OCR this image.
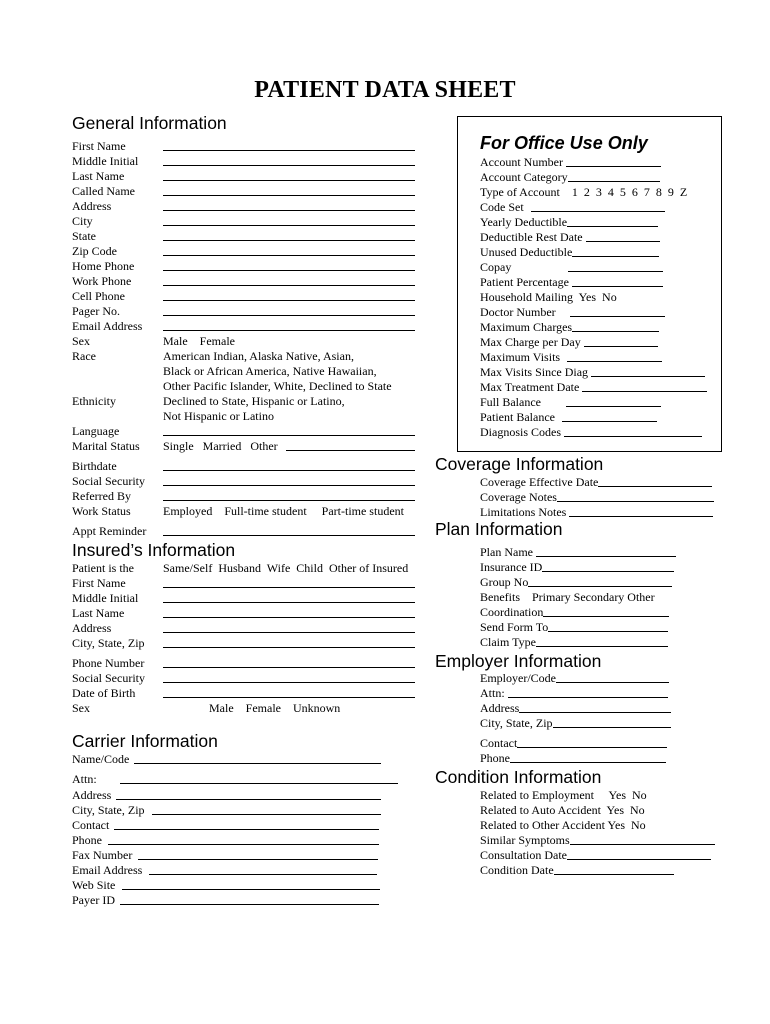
PATIENT DATA SHEET
General Information
First Name
Middle Initial
Last Name
Called Name
Address
City
State
Zip Code
Home Phone
Work Phone
Cell Phone
Pager No.
Email Address
Sex	Male    Female
Race	American Indian, Alaska Native, Asian,
Black or African America, Native Hawaiian,
Other Pacific Islander, White, Declined to State
Ethnicity	Declined to State, Hispanic or Latino,
Not Hispanic or Latino
Language
Marital Status Single   Married   Other
Birthdate
Social Security
Referred By
Work Status	Employed    Full-time student     Part-time student
Appt Reminder
Insured’s Information
Patient is the Same/Self  Husband  Wife  Child  Other of Insured
First Name
Middle Initial
Last Name
Address
City, State, Zip
Phone Number
Social Security
Date of Birth
Sex	Male    Female    Unknown
Carrier Information
Name/Code
Attn:
Address
City, State, Zip
Contact
Phone
Fax Number
Email Address
Web Site
Payer ID
For Office Use Only
Account Number
Account Category
Type of Account 1  2  3  4  5  6  7  8  9  Z
Code Set
Yearly Deductible
Deductible Rest Date
Unused Deductible
Copay
Patient Percentage
Household Mailing Yes  No
Doctor Number
Maximum Charges
Max Charge per Day
Maximum Visits
Max Visits Since Diag
Max Treatment Date
Full Balance
Patient Balance
Diagnosis Codes
Coverage Information
Coverage Effective Date
Coverage Notes
Limitations Notes
Plan Information
Plan Name
Insurance ID
Group No
Benefits Primary Secondary Other
Coordination
Send Form To
Claim Type
Employer Information
Employer/Code
Attn:
Address
City, State, Zip
Contact
Phone
Condition Information
Related to Employment Yes  No
Related to Auto Accident Yes  No
Related to Other Accident Yes  No
Similar Symptoms
Consultation Date
Condition Date
